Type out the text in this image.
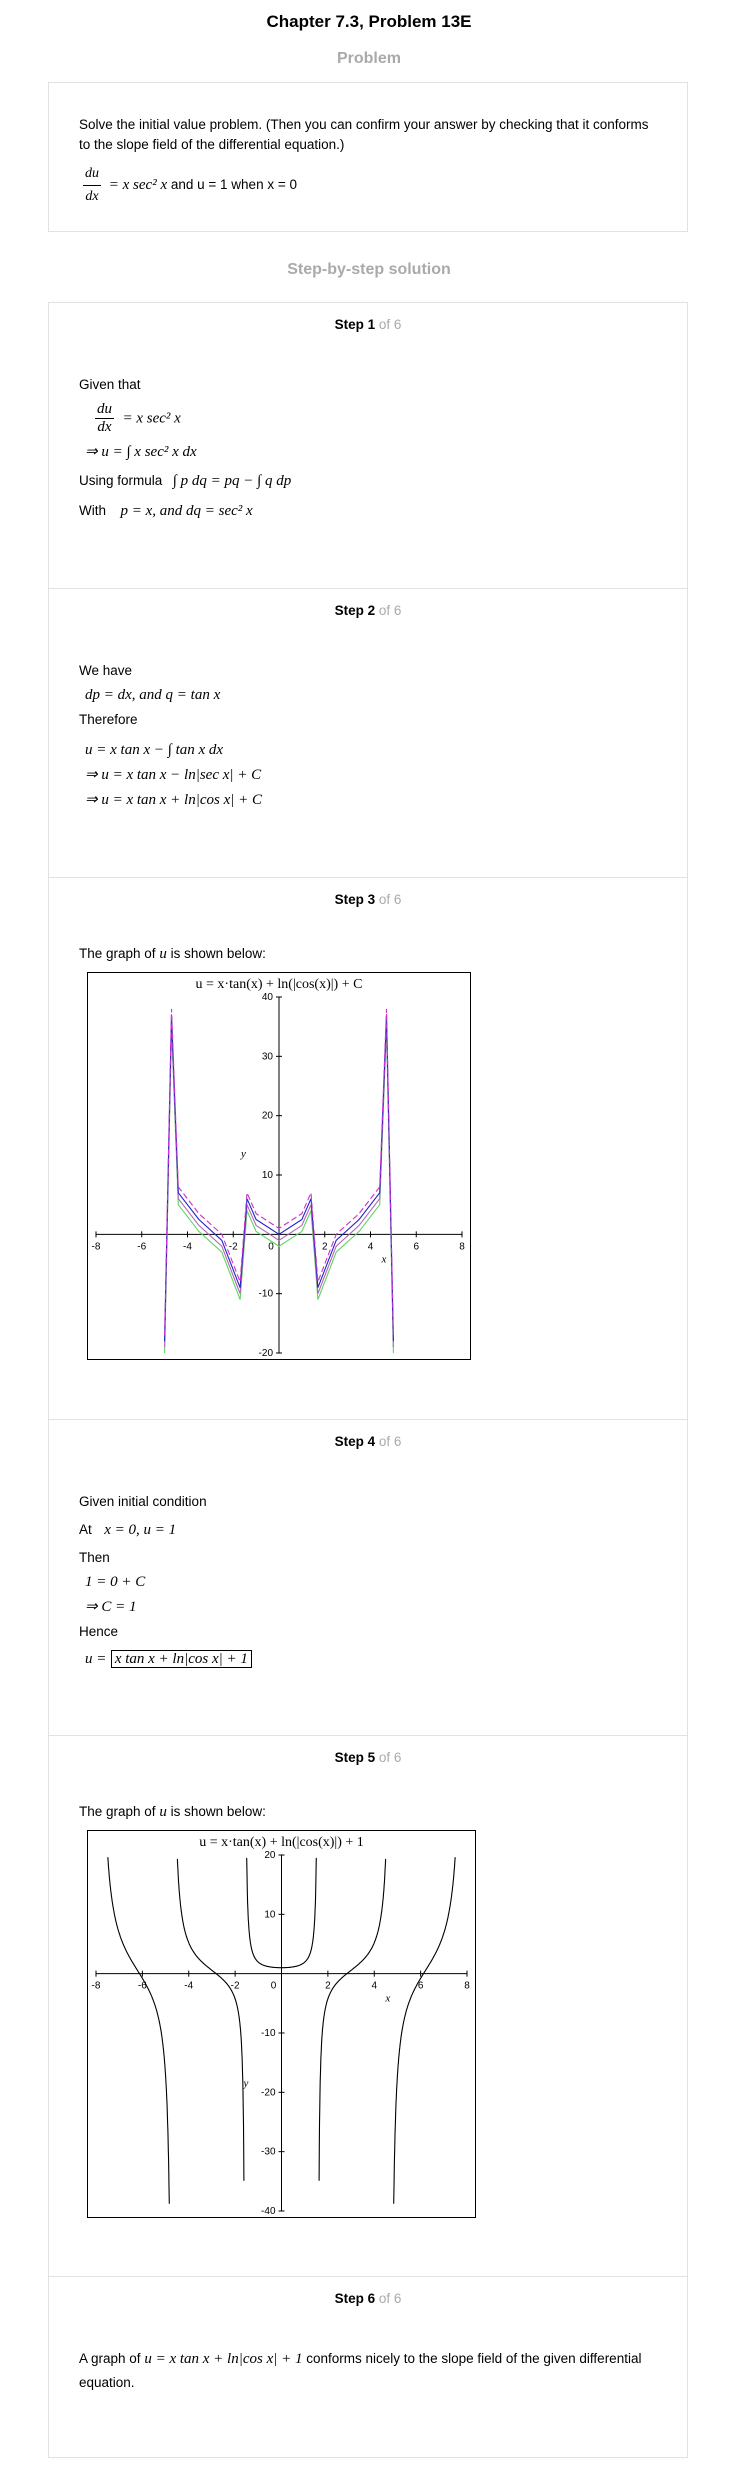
Chapter 7.3, Problem 13E
Problem
Solve the initial value problem. (Then you can confirm your answer by checking that it conforms to the slope field of the differential equation.)
$\frac{du}{dx} = x$ sec² x and u = 1 when x = 0
Step-by-step solution
Step 1 of 6
Given that
$\frac{du}{dx} = x$ sec² x
⇒ u = ∫ x sec² x dx
Using formula ∫ p dq = pq − ∫ q dp
With p = x, and dq = sec² x
Step 2 of 6
We have
dp = dx, and q = tan x
Therefore
u = x tan x − ∫ tan x dx
⇒ u = x tan x − ln|sec x| + C
⇒ u = x tan x + ln|cos x| + C
Step 3 of 6
The graph of u is shown below:
u = x·tan(x) + ln(|cos(x)|) + C
-8	-6	-4	-2	0	2	4	6	8
-20
-10
10
20
30
40
x
y
Step 4 of 6
Given initial condition
At x = 0, u = 1
Then
1 = 0 + C
⇒ C = 1
Hence
u = x tan x + ln|cos x| + 1
Step 5 of 6
The graph of u is shown below:
u = x·tan(x) + ln(|cos(x)|) + 1
-8	-6	-4	-2	0	2	4	6	8
-40
-30
-20
-10
10
20
x
y
Step 6 of 6
A graph of u = x tan x + ln|cos x| + 1 conforms nicely to the slope field of the given differential equation.
